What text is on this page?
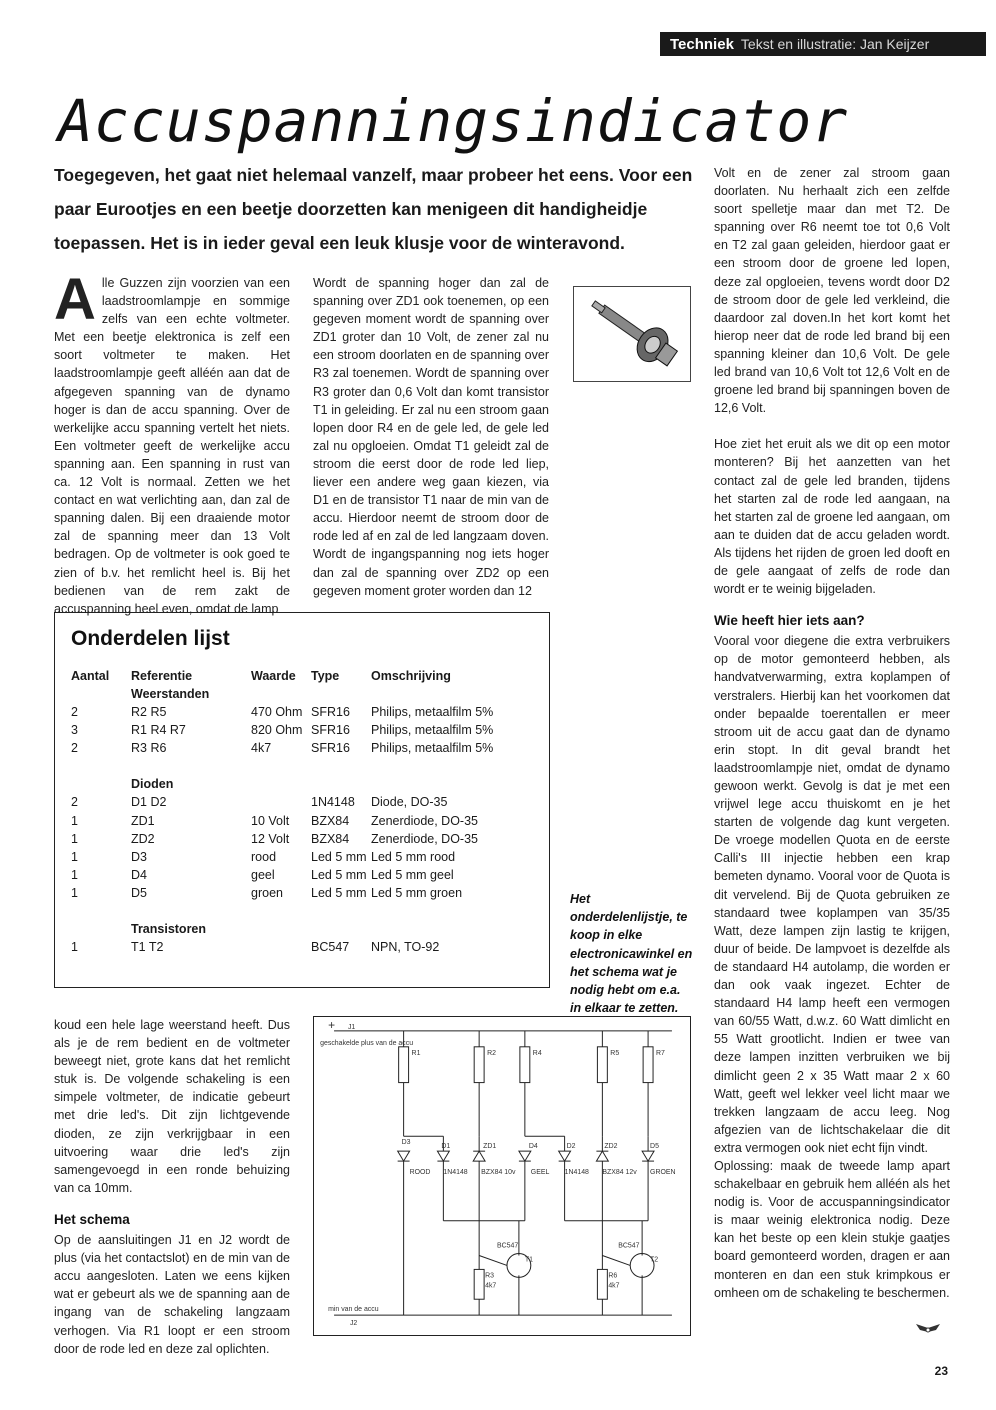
Techniek Tekst en illustratie: Jan Keijzer
Accuspanningsindicator
Toegegeven, het gaat niet helemaal vanzelf, maar probeer het eens. Voor een paar Eurootjes en een beetje doorzetten kan menigeen dit handigheidje toepassen. Het is in ieder geval een leuk klusje voor de winteravond.
A lle Guzzen zijn voorzien van een laadstroomlampje en sommige zelfs van een echte voltmeter. Met een beetje elektronica is zelf een soort voltmeter te maken. Het laadstroomlampje geeft alléén aan dat de afgegeven spanning van de dynamo hoger is dan de accu spanning. Over de werkelijke accu spanning vertelt het niets. Een voltmeter geeft de werkelijke accu spanning aan. Een spanning in rust van ca. 12 Volt is normaal. Zetten we het contact en wat verlichting aan, dan zal de spanning dalen. Bij een draaiende motor zal de spanning meer dan 13 Volt bedragen. Op de voltmeter is ook goed te zien of b.v. het remlicht heel is. Bij het bedienen van de rem zakt de accuspanning heel even, omdat de lamp
Wordt de spanning hoger dan zal de spanning over ZD1 ook toenemen, op een gegeven moment wordt de spanning over ZD1 groter dan 10 Volt, de zener zal nu een stroom doorlaten en de spanning over R3 zal toenemen. Wordt de spanning over R3 groter dan 0,6 Volt dan komt transistor T1 in geleiding. Er zal nu een stroom gaan lopen door R4 en de gele led, de gele led zal nu opgloeien. Omdat T1 geleidt zal de stroom die eerst door de rode led liep, liever een andere weg gaan kiezen, via D1 en de transistor T1 naar de min van de accu. Hierdoor neemt de stroom door de rode led af en zal de led langzaam doven. Wordt de ingangspanning nog iets hoger dan zal de spanning over ZD2 op een gegeven moment groter worden dan 12
Onderdelen lijst
Aantal	Referentie	Waarde	Type	Omschrijving
	Weerstanden			
2	R2 R5	470 Ohm	SFR16	Philips, metaalfilm 5%
3	R1 R4 R7	820 Ohm	SFR16	Philips, metaalfilm 5%
2	R3 R6	4k7	SFR16	Philips, metaalfilm 5%

	Dioden			
2	D1 D2		1N4148	Diode, DO-35
1	ZD1	10 Volt	BZX84	Zenerdiode, DO-35
1	ZD2	12 Volt	BZX84	Zenerdiode, DO-35
1	D3	rood	Led 5 mm	Led 5 mm rood
1	D4	geel	Led 5 mm	Led 5 mm geel
1	D5	groen	Led 5 mm	Led 5 mm groen

	Transistoren			
1	T1 T2		BC547	NPN, TO-92
Het onderdelenlijstje, te koop in elke electronicawinkel en het schema wat je nodig hebt om e.a. in elkaar te zetten.

Volt en de zener zal stroom gaan doorlaten. Nu herhaalt zich een zelfde soort spelletje maar dan met T2. De spanning over R6 neemt toe tot 0,6 Volt en T2 zal gaan geleiden, hierdoor gaat er een stroom door de groene led lopen, deze zal opgloeien, tevens wordt door D2 de stroom door de gele led verkleind, die daardoor zal doven.In het kort komt het hierop neer dat de rode led brand bij een spanning kleiner dan 10,6 Volt. De gele led brand van 10,6 Volt tot 12,6 Volt en de groene led brand bij spanningen boven de 12,6 Volt.

Hoe ziet het eruit als we dit op een motor monteren? Bij het aanzetten van het contact zal de gele led branden, tijdens het starten zal de rode led aangaan, na het starten zal de groene led aangaan, om aan te duiden dat de accu geladen wordt. Als tijdens het rijden de groen led dooft en de gele aangaat of zelfs de rode dan wordt er te weinig bijgeladen.

Wie heeft hier iets aan?

Vooral voor diegene die extra verbruikers op de motor gemonteerd hebben, als handvatverwarming, extra koplampen of verstralers. Hierbij kan het voorkomen dat onder bepaalde toerentallen er meer stroom uit de accu gaat dan de dynamo erin stopt. In dit geval brandt het laadstroomlampje niet, omdat de dynamo gewoon werkt. Gevolg is dat je met een vrijwel lege accu thuiskomt en je het starten de volgende dag kunt vergeten. De vroege modellen Quota en de eerste Calli's III injectie hebben een krap bemeten dynamo. Vooral voor de Quota is dit vervelend. Bij de Quota gebruiken ze standaard twee koplampen van 35/35 Watt, deze lampen zijn lastig te krijgen, duur of beide. De lampvoet is dezelfde als de standaard H4 autolamp, die worden er dan ook vaak ingezet. Echter de standaard H4 lamp heeft een vermogen van 60/55 Watt, d.w.z. 60 Watt dimlicht en 55 Watt grootlicht. Indien er twee van deze lampen inzitten verbruiken we bij dimlicht geen 2 x 35 Watt maar 2 x 60 Watt, geeft wel lekker veel licht maar we trekken langzaam de accu leeg. Nog afgezien van de lichtschakelaar die dit extra vermogen ook niet echt fijn vindt.

Oplossing: maak de tweede lamp apart schakelbaar en gebruik hem alléén als het nodig is. Voor de accuspanningsindicator is maar weinig elektronica nodig. Deze kan het beste op een klein stukje gaatjes board gemonteerd worden, dragen er aan monteren en dan een stuk krimpkous er omheen om de schakeling te beschermen.

koud een hele lage weerstand heeft. Dus als je de rem bedient en de voltmeter beweegt niet, grote kans dat het remlicht stuk is. De volgende schakeling is een simpele voltmeter, de indicatie gebeurt met drie led's. Dit zijn lichtgevende dioden, ze zijn verkrijgbaar in een uitvoering waar drie led's zijn samengevoegd in een ronde behuizing van ca 10mm.

Het schema

Op de aansluitingen J1 en J2 wordt de plus (via het contactslot) en de min van de accu aangesloten. Laten we eens kijken wat er gebeurt als we de spanning aan de ingang van de schakeling langzaam verhogen. Via R1 loopt er een stroom door de rode led en deze zal oplichten.

+
geschakelde plus van de accu
J1
min van de accu
J2
R1	R2	R4	R5	R7
D3
ROOD
D1
1N4148
ZD1
BZX84 10v
D4
GEEL
D2
1N4148
ZD2
BZX84 12v
D5
GROEN
BC547
T1
BC547
T2
R3
4k7
R6
4k7
23
